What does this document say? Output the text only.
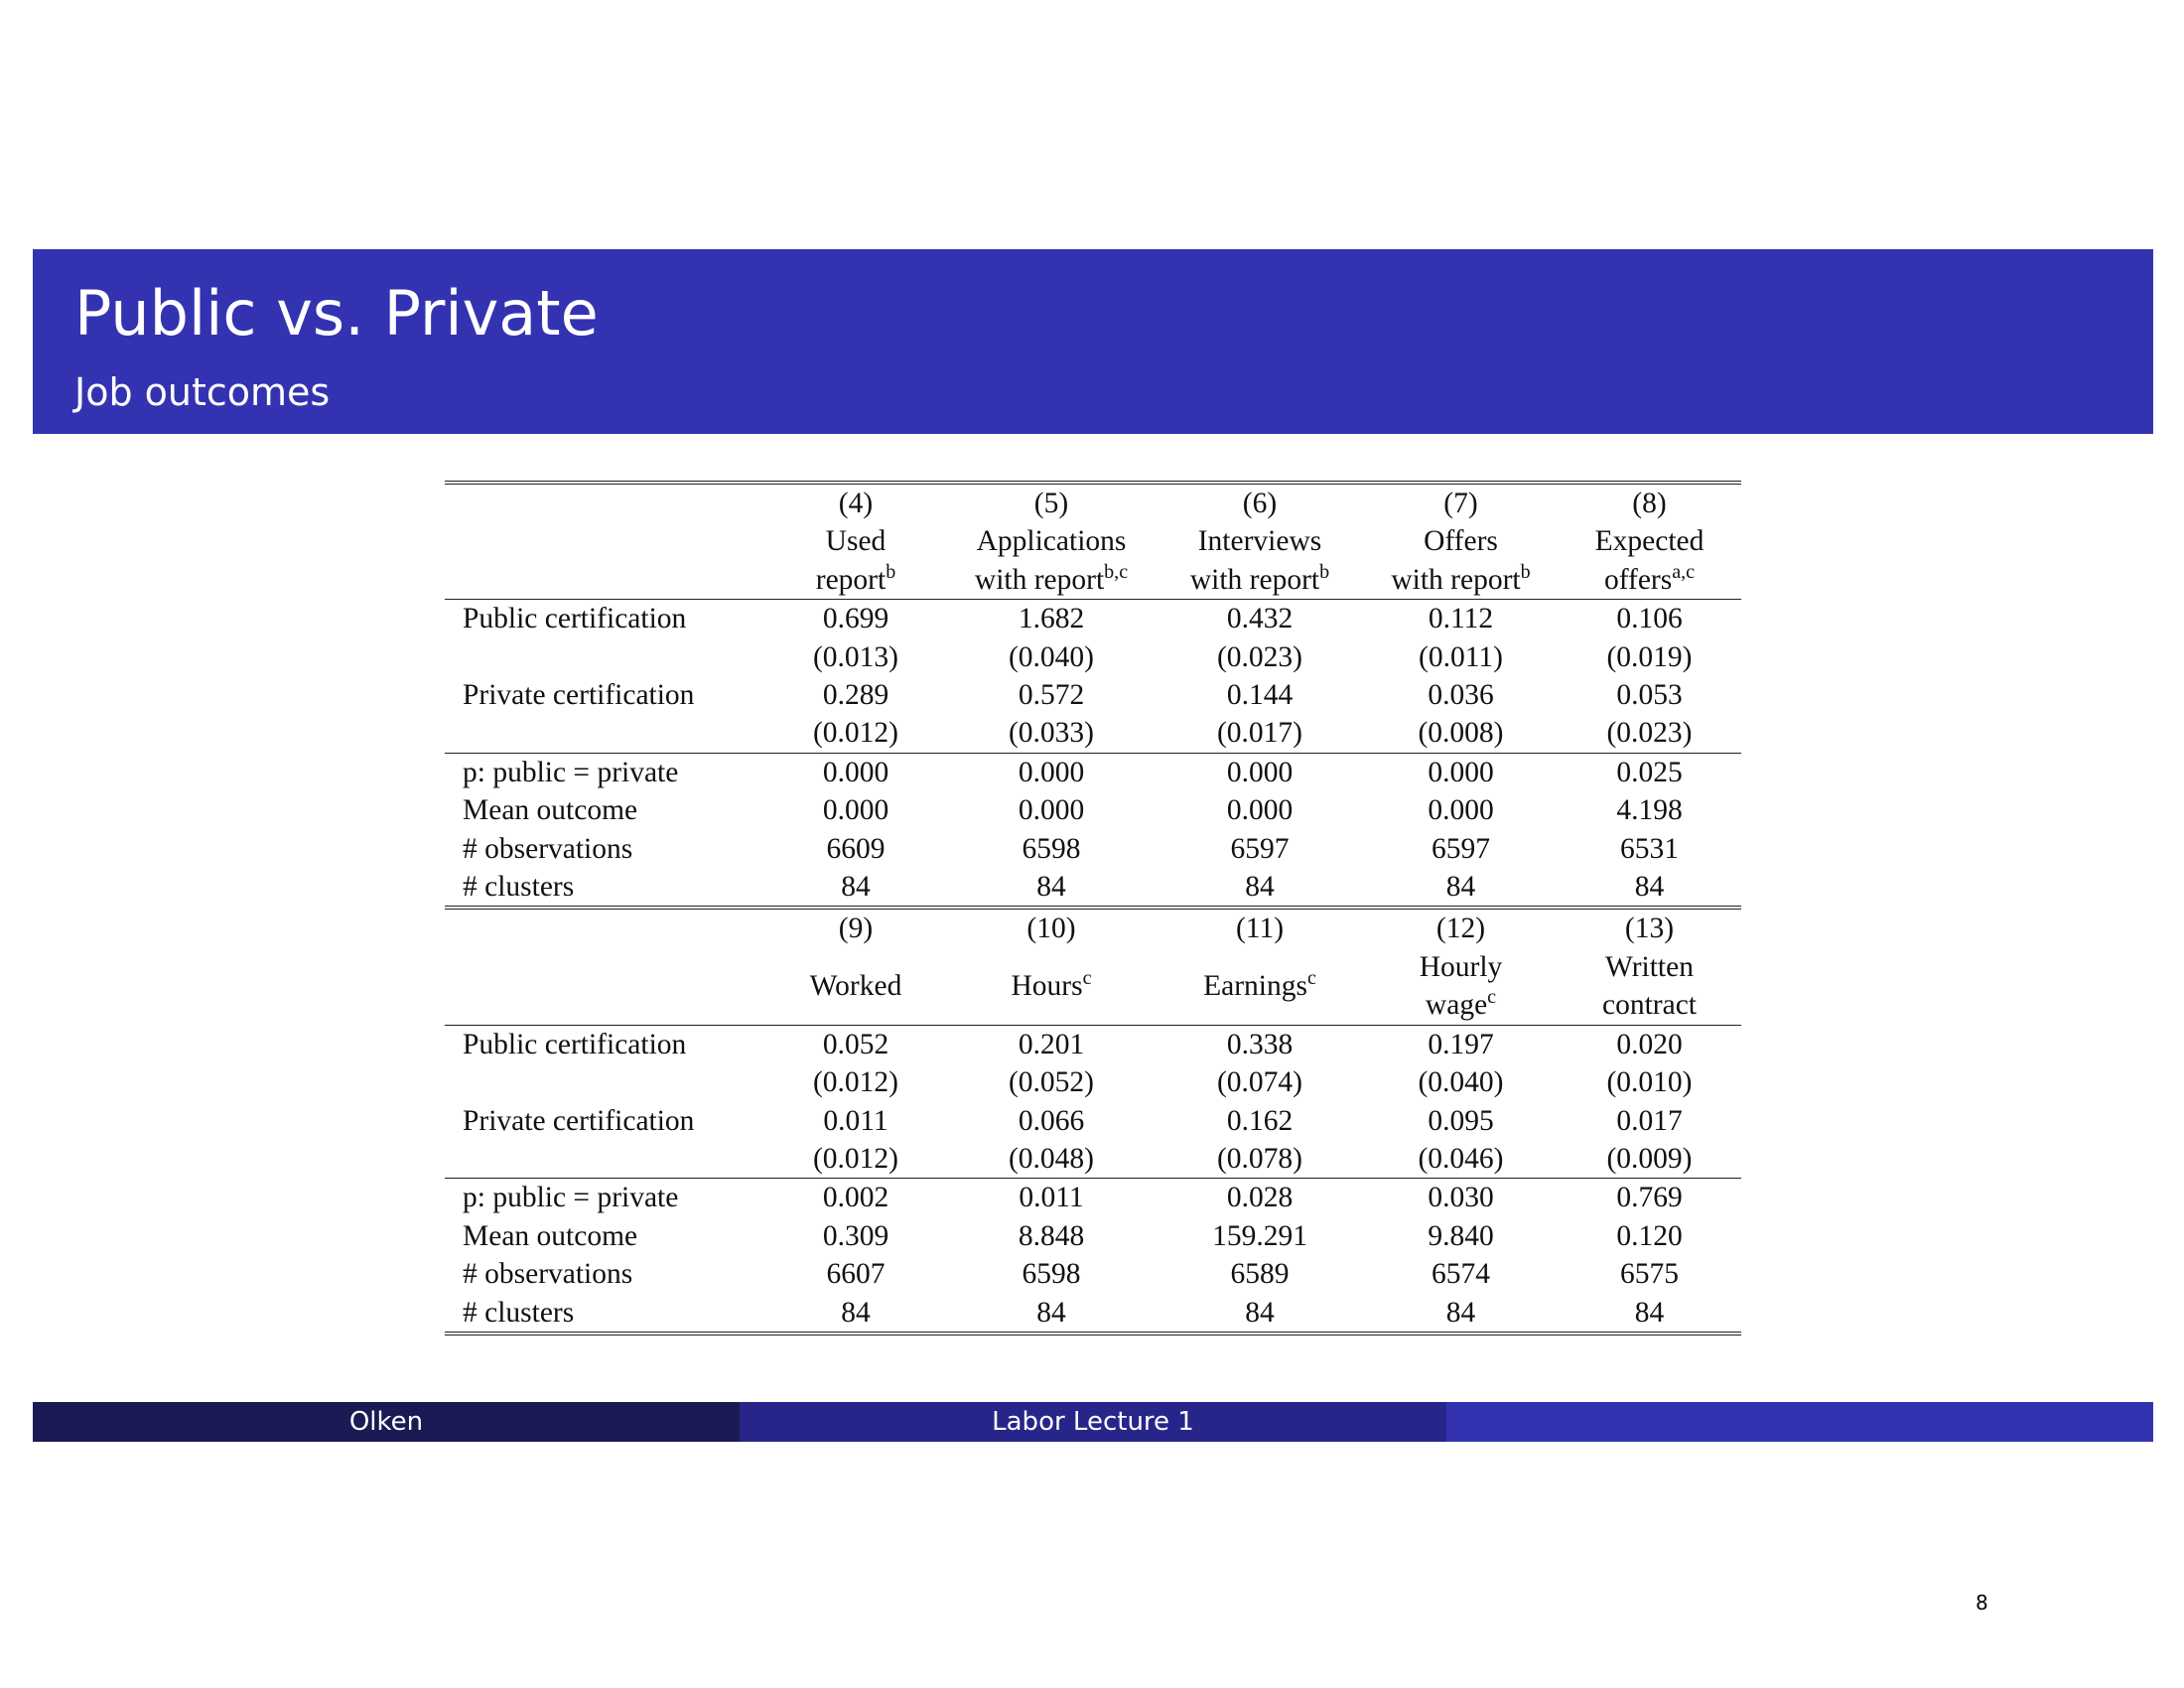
Public vs. Private
Job outcomes
	(4)	(5)	(6)	(7)	(8)
	Used	Applications	Interviews	Offers	Expected
	report$^b$	with report$^{b,c}$	with report$^b$	with report$^b$	offers$^{a,c}$
Public certification	0.699	1.682	0.432	0.112	0.106
	(0.013)	(0.040)	(0.023)	(0.011)	(0.019)
Private certification	0.289	0.572	0.144	0.036	0.053
	(0.012)	(0.033)	(0.017)	(0.008)	(0.023)
p: public = private	0.000	0.000	0.000	0.000	0.025
Mean outcome	0.000	0.000	0.000	0.000	4.198
# observations	6609	6598	6597	6597	6531
# clusters	84	84	84	84	84
	(9)	(10)	(11)	(12)	(13)
	Worked	Hours$^c$	Earnings$^c$	Hourly	Written
				wage$^c$	contract
Public certification	0.052	0.201	0.338	0.197	0.020
	(0.012)	(0.052)	(0.074)	(0.040)	(0.010)
Private certification	0.011	0.066	0.162	0.095	0.017
	(0.012)	(0.048)	(0.078)	(0.046)	(0.009)
p: public = private	0.002	0.011	0.028	0.030	0.769
Mean outcome	0.309	8.848	159.291	9.840	0.120
# observations	6607	6598	6589	6574	6575
# clusters	84	84	84	84	84
Olken	Labor Lecture 1
8
